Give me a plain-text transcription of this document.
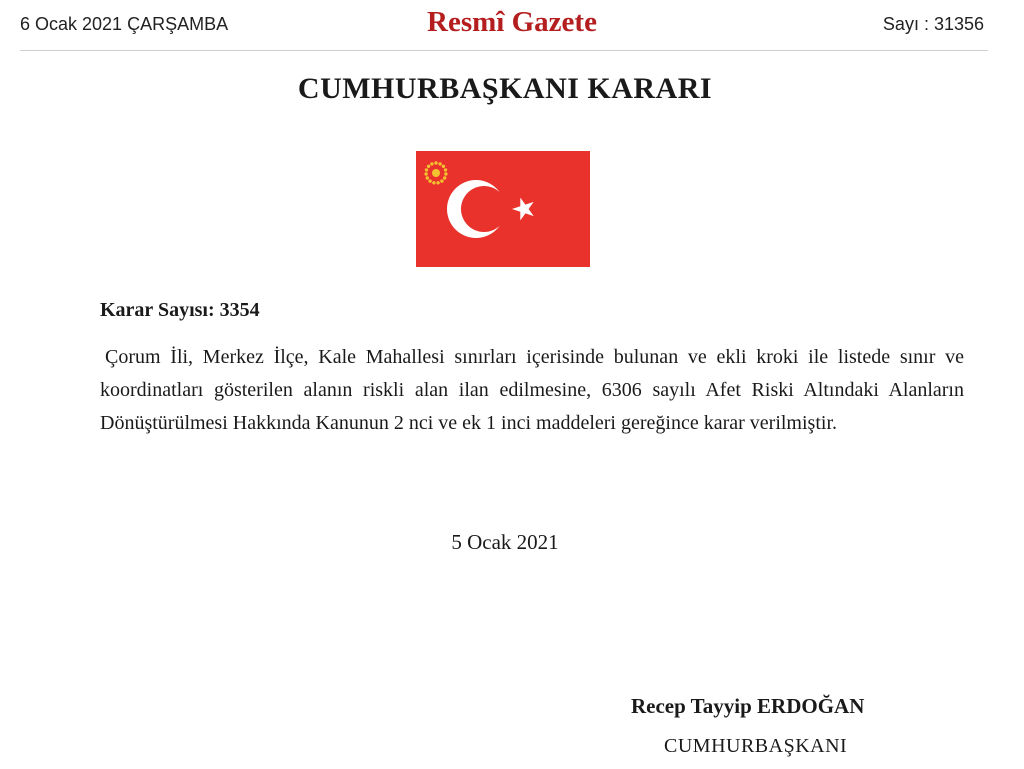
6 Ocak 2021 ÇARŞAMBA	Resmî Gazete	Sayı : 31356
CUMHURBAŞKANI KARARI
Karar Sayısı: 3354
Çorum İli, Merkez İlçe, Kale Mahallesi sınırları içerisinde bulunan ve ekli kroki ile listede sınır ve koordinatları gösterilen alanın riskli alan ilan edilmesine, 6306 sayılı Afet Riski Altındaki Alanların Dönüştürülmesi Hakkında Kanunun 2 nci ve ek 1 inci maddeleri gereğince karar verilmiştir.
5 Ocak 2021
Recep Tayyip ERDOĞAN
CUMHURBAŞKANI
